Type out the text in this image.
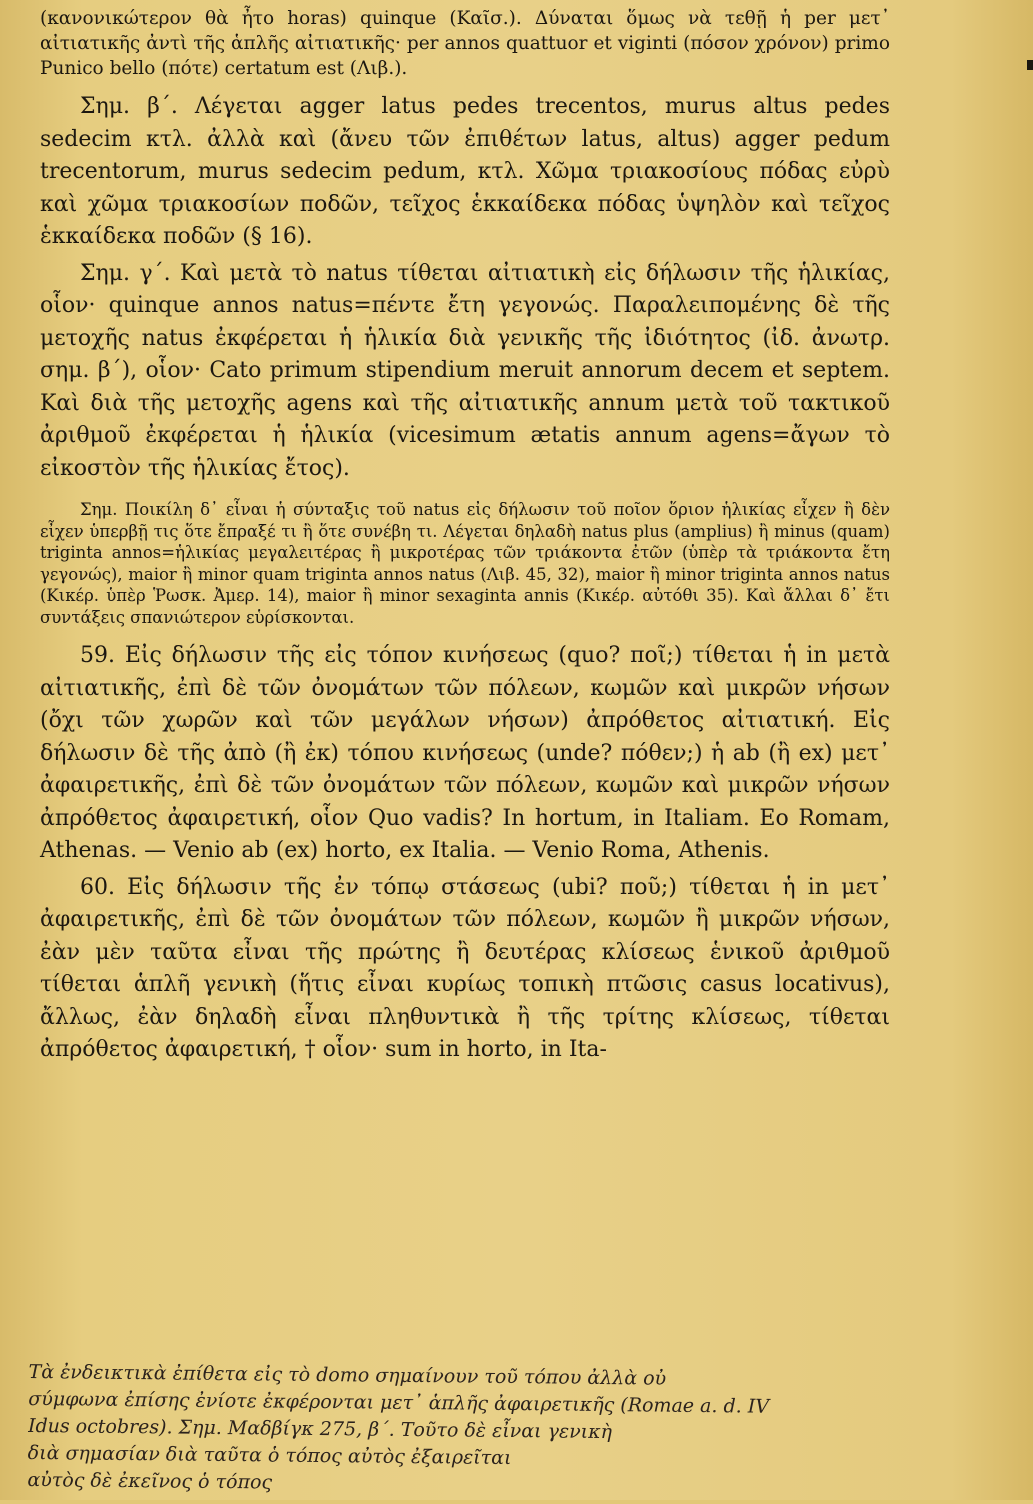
(κανονικώτερον θὰ ἦτο horas) quinque (Καῖσ.). Δύναται ὅμως νὰ τεθῇ ἡ per μετ᾽ αἰτιατικῆς ἀντὶ τῆς ἁπλῆς αἰτιατικῆς· per annos quattuor et viginti (πόσον χρόνον) primo Punico bello (πότε) certatum est (Λιβ.).

Σημ. β΄. Λέγεται agger latus pedes trecentos, murus altus pedes sedecim κτλ. ἀλλὰ καὶ (ἄνευ τῶν ἐπιθέτων latus, altus) agger pedum trecentorum, murus sedecim pedum, κτλ. Χῶμα τριακοσίους πόδας εὐρὺ καὶ χῶμα τριακοσίων ποδῶν, τεῖχος ἑκκαίδεκα πόδας ὑψηλὸν καὶ τεῖχος ἑκκαίδεκα ποδῶν (§ 16).

Σημ. γ΄. Καὶ μετὰ τὸ natus τίθεται αἰτιατικὴ εἰς δήλωσιν τῆς ἡλικίας, οἷον· quinque annos natus=πέντε ἔτη γεγονώς. Παραλειπομένης δὲ τῆς μετοχῆς natus ἐκφέρεται ἡ ἡλικία διὰ γενικῆς τῆς ἰδιότητος (ἰδ. ἀνωτρ. σημ. β΄), οἷον· Cato primum stipendium meruit annorum decem et septem. Καὶ διὰ τῆς μετοχῆς agens καὶ τῆς αἰτιατικῆς annum μετὰ τοῦ τακτικοῦ ἀριθμοῦ ἐκφέρεται ἡ ἡλικία (vicesimum ætatis annum agens=ἄγων τὸ εἰκοστὸν τῆς ἡλικίας ἔτος).

Σημ. Ποικίλη δ᾽ εἶναι ἡ σύνταξις τοῦ natus εἰς δήλωσιν τοῦ ποῖον ὅριον ἡλικίας εἶχεν ἢ δὲν εἶχεν ὑπερβῇ τις ὅτε ἔπραξέ τι ἢ ὅτε συνέβη τι. Λέγεται δηλαδὴ natus plus (amplius) ἢ minus (quam) triginta annos=ἡλικίας μεγαλειτέρας ἢ μικροτέρας τῶν τριάκοντα ἐτῶν (ὑπὲρ τὰ τριάκοντα ἔτη γεγονώς), maior ἢ minor quam triginta annos natus (Λιβ. 45, 32), maior ἢ minor triginta annos natus (Κικέρ. ὑπὲρ Ῥωσκ. Ἀμερ. 14), maior ἢ minor sexaginta annis (Κικέρ. αὐτόθι 35). Καὶ ἄλλαι δ᾽ ἔτι συντάξεις σπανιώτερον εὑρίσκονται.

59. Εἰς δήλωσιν τῆς εἰς τόπον κινήσεως (quo? ποῖ;) τίθεται ἡ in μετὰ αἰτιατικῆς, ἐπὶ δὲ τῶν ὀνομάτων τῶν πόλεων, κωμῶν καὶ μικρῶν νήσων (ὄχι τῶν χωρῶν καὶ τῶν μεγάλων νήσων) ἀπρόθετος αἰτιατική. Εἰς δήλωσιν δὲ τῆς ἀπὸ (ἢ ἐκ) τόπου κινήσεως (unde? πόθεν;) ἡ ab (ἢ ex) μετ᾽ ἀφαιρετικῆς, ἐπὶ δὲ τῶν ὀνομάτων τῶν πόλεων, κωμῶν καὶ μικρῶν νήσων ἀπρόθετος ἀφαιρετική, οἷον Quo vadis? In hortum, in Italiam. Eo Romam, Athenas. — Venio ab (ex) horto, ex Italia. — Venio Roma, Athenis.

60. Εἰς δήλωσιν τῆς ἐν τόπῳ στάσεως (ubi? ποῦ;) τίθεται ἡ in μετ᾽ ἀφαιρετικῆς, ἐπὶ δὲ τῶν ὀνομάτων τῶν πόλεων, κωμῶν ἢ μικρῶν νήσων, ἐὰν μὲν ταῦτα εἶναι τῆς πρώτης ἢ δευτέρας κλίσεως ἑνικοῦ ἀριθμοῦ τίθεται ἁπλῆ γενικὴ (ἥτις εἶναι κυρίως τοπικὴ πτῶσις casus locativus), ἄλλως, ἐὰν δηλαδὴ εἶναι πληθυντικὰ ἢ τῆς τρίτης κλίσεως, τίθεται ἀπρόθετος ἀφαιρετική, † οἷον· sum in horto, in Ita-

Τὰ ἐνδεικτικὰ ἐπίθετα εἰς τὸ domo σημαίνουν τοῦ τόπου ἀλλὰ οὐ
σύμφωνα ἐπίσης ἐνίοτε ἐκφέρονται μετ᾽ ἁπλῆς ἀφαιρετικῆς (Romae a. d. IV
Idus octobres). Σημ. Μαδβίγκ 275, β΄. Τοῦτο δὲ εἶναι γενικὴ
διὰ σημασίαν διὰ ταῦτα ὁ τόπος αὐτὸς ἐξαιρεῖται
αὐτὸς δὲ ἐκεῖνος ὁ τόπος
